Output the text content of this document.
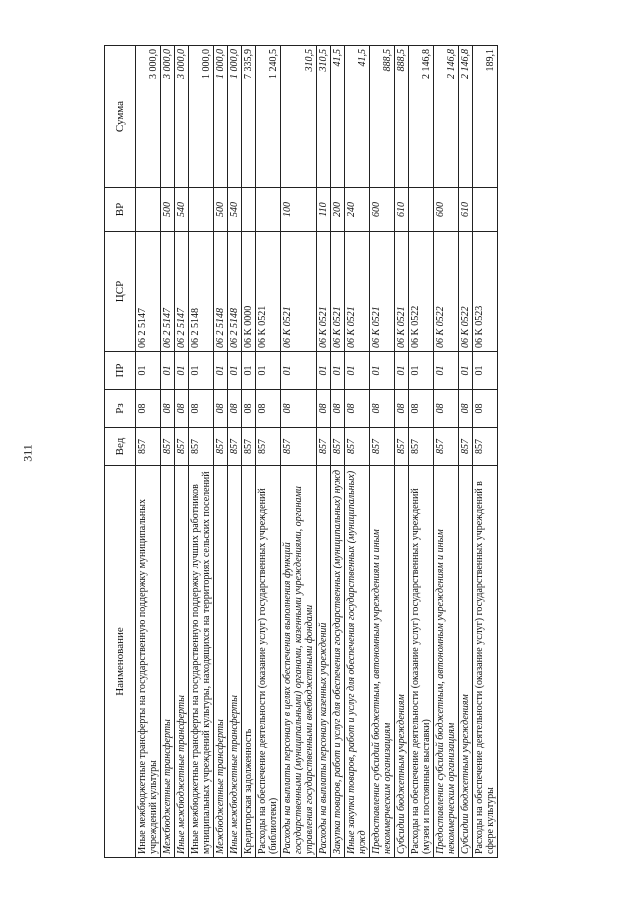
311
Наименование	Вед	Рз	ПР	ЦСР	ВР	Сумма
Иные межбюджетные трансферты на государственную поддержку муниципальных учреждений культуры	857	08	01	06 2 5147		3 000,0
Межбюджетные трансферты	857	08	01	06 2 5147	500	3 000,0
Иные межбюджетные трансферты	857	08	01	06 2 5147	540	3 000,0
Иные межбюджетные трансферты на государственную поддержку лучших работников муниципальных учреждений культуры, находящихся на территориях сельских поселений	857	08	01	06 2 5148		1 000,0
Межбюджетные трансферты	857	08	01	06 2 5148	500	1 000,0
Иные межбюджетные трансферты	857	08	01	06 2 5148	540	1 000,0
Кредиторская задолженность	857	08	01	06 K 0000		7 335,9
Расходы на обеспечение деятельности (оказание услуг) государственных учреждений (библиотеки)	857	08	01	06 K 0521		1 240,5
Расходы на выплаты персоналу в целях обеспечения выполнения функций государственными (муниципальными) органами, казенными учреждениями, органами управления государственными внебюджетными фондами	857	08	01	06 K 0521	100	310,5
Расходы на выплаты персоналу казенных учреждений	857	08	01	06 K 0521	110	310,5
Закупка товаров, работ и услуг для обеспечения государственных (муниципальных) нужд	857	08	01	06 K 0521	200	41,5
Иные закупки товаров, работ и услуг для обеспечения государственных (муниципальных) нужд	857	08	01	06 K 0521	240	41,5
Предоставление субсидий бюджетным, автономным учреждениям и иным некоммерческим организациям	857	08	01	06 K 0521	600	888,5
Субсидии бюджетным учреждениям	857	08	01	06 K 0521	610	888,5
Расходы на обеспечение деятельности (оказание услуг) государственных учреждений (музеи и постоянные выставки)	857	08	01	06 K 0522		2 146,8
Предоставление субсидий бюджетным, автономным учреждениям и иным некоммерческим организациям	857	08	01	06 K 0522	600	2 146,8
Субсидии бюджетным учреждениям	857	08	01	06 K 0522	610	2 146,8
Расходы на обеспечение деятельности (оказание услуг) государственных учреждений в сфере культуры	857	08	01	06 K 0523		189,1
